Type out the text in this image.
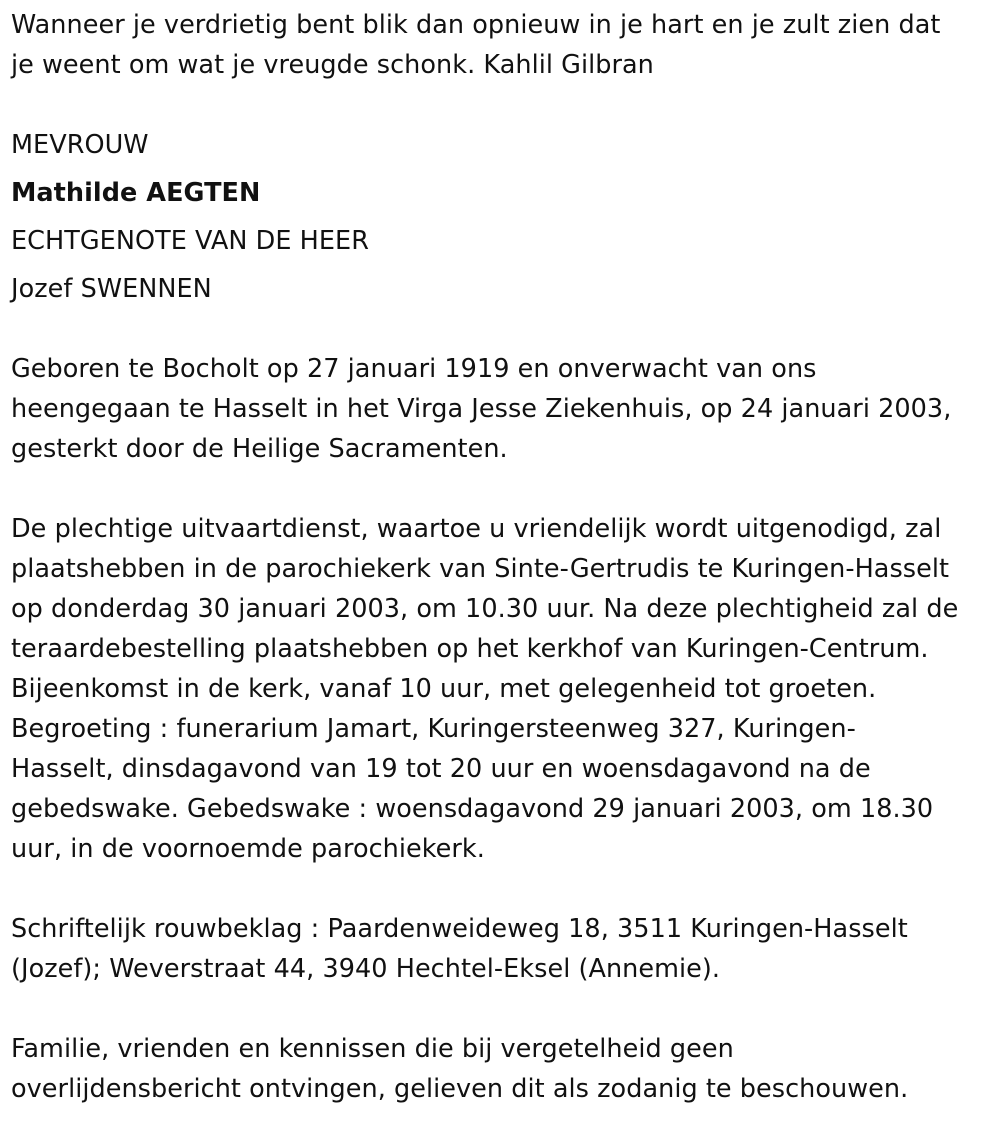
Wanneer je verdrietig bent blik dan opnieuw in je hart en je zult zien dat
je weent om wat je vreugde schonk. Kahlil Gilbran
MEVROUW
Mathilde AEGTEN
ECHTGENOTE VAN DE HEER
Jozef SWENNEN
Geboren te Bocholt op 27 januari 1919 en onverwacht van ons
heengegaan te Hasselt in het Virga Jesse Ziekenhuis, op 24 januari 2003,
gesterkt door de Heilige Sacramenten.
De plechtige uitvaartdienst, waartoe u vriendelijk wordt uitgenodigd, zal
plaatshebben in de parochiekerk van Sinte-Gertrudis te Kuringen-Hasselt
op donderdag 30 januari 2003, om 10.30 uur. Na deze plechtigheid zal de
teraardebestelling plaatshebben op het kerkhof van Kuringen-Centrum.
Bijeenkomst in de kerk, vanaf 10 uur, met gelegenheid tot groeten.
Begroeting : funerarium Jamart, Kuringersteenweg 327, Kuringen-
Hasselt, dinsdagavond van 19 tot 20 uur en woensdagavond na de
gebedswake. Gebedswake : woensdagavond 29 januari 2003, om 18.30
uur, in de voornoemde parochiekerk.
Schriftelijk rouwbeklag : Paardenweideweg 18, 3511 Kuringen-Hasselt
(Jozef); Weverstraat 44, 3940 Hechtel-Eksel (Annemie).
Familie, vrienden en kennissen die bij vergetelheid geen
overlijdensbericht ontvingen, gelieven dit als zodanig te beschouwen.
